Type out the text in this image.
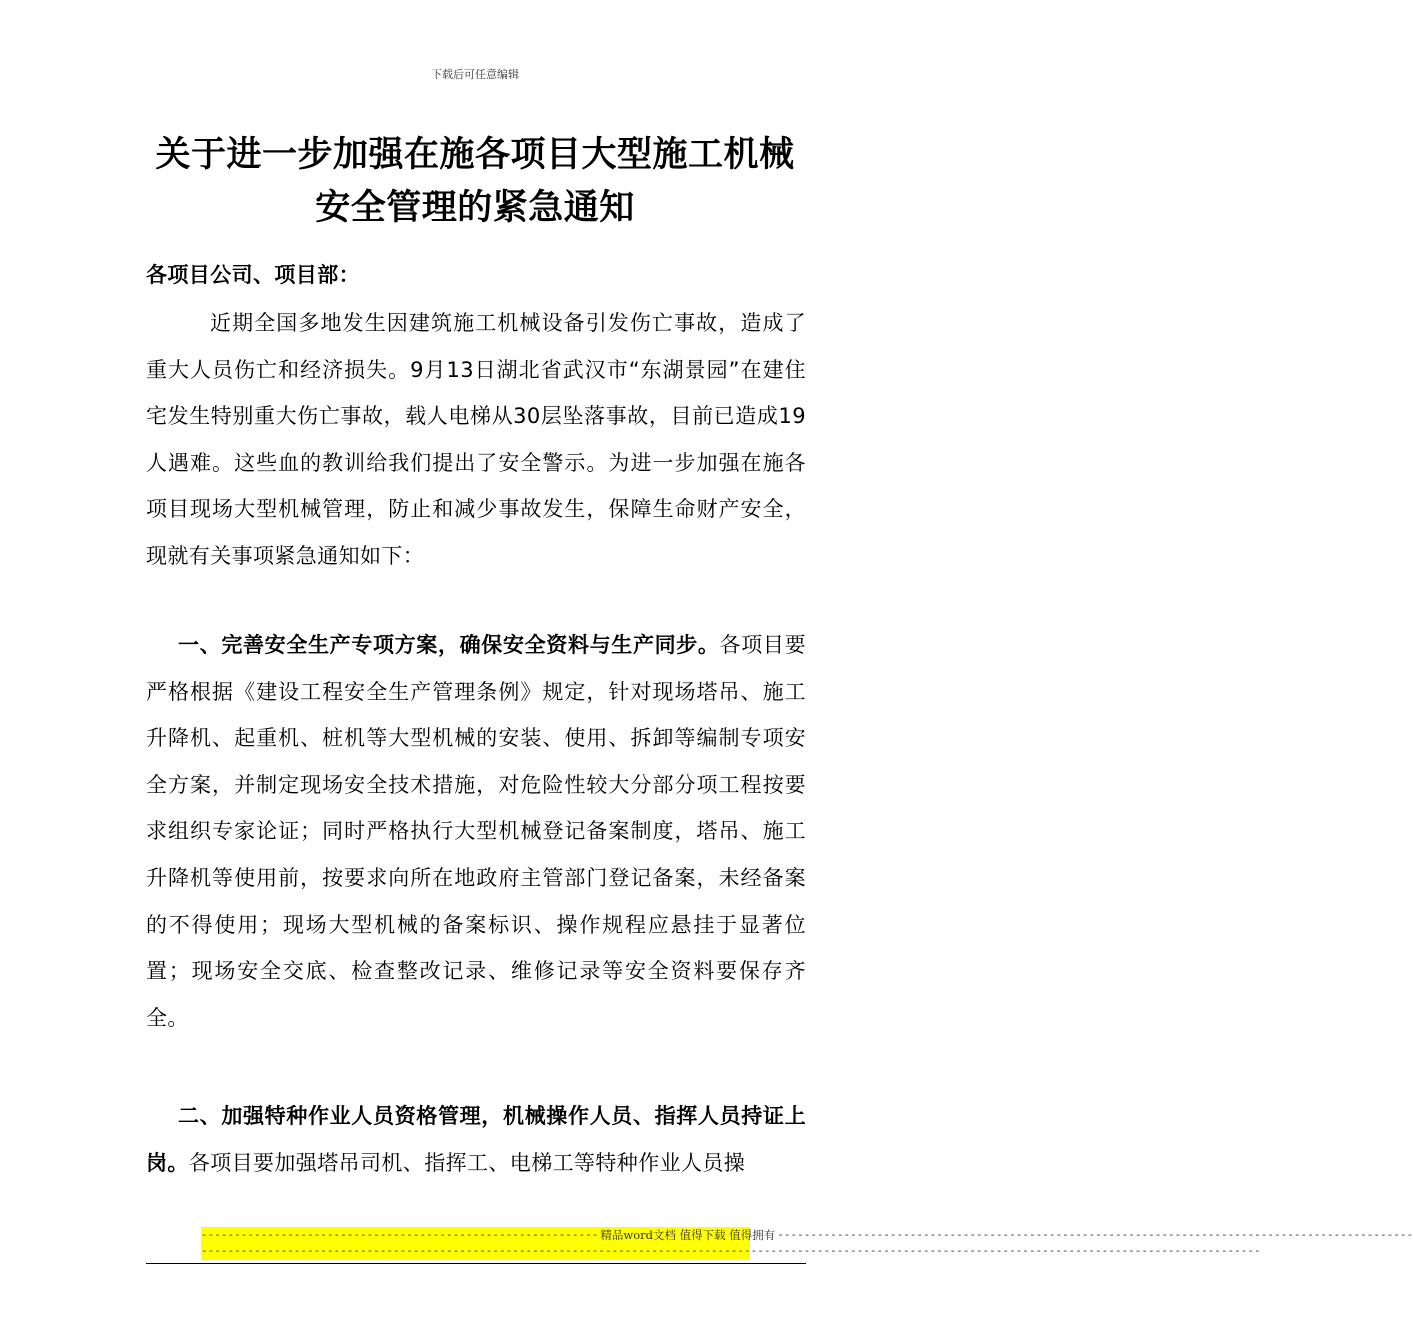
下载后可任意编辑
关于进一步加强在施各项目大型施工机械
安全管理的紧急通知
各项目公司、项目部：
近期全国多地发生因建筑施工机械设备引发伤亡事故，造成了重大人员伤亡和经济损失。9月13日湖北省武汉市“东湖景园”在建住宅发生特别重大伤亡事故，载人电梯从30层坠落事故，目前已造成19人遇难。这些血的教训给我们提出了安全警示。为进一步加强在施各项目现场大型机械管理，防止和减少事故发生，保障生命财产安全，现就有关事项紧急通知如下：
一、完善安全生产专项方案，确保安全资料与生产同步。各项目要严格根据《建设工程安全生产管理条例》规定，针对现场塔吊、施工升降机、起重机、桩机等大型机械的安装、使用、拆卸等编制专项安全方案，并制定现场安全技术措施，对危险性较大分部分项工程按要求组织专家论证；同时严格执行大型机械登记备案制度，塔吊、施工升降机等使用前，按要求向所在地政府主管部门登记备案，未经备案的不得使用；现场大型机械的备案标识、操作规程应悬挂于显著位置；现场安全交底、检查整改记录、维修记录等安全资料要保存齐全。
二、加强特种作业人员资格管理，机械操作人员、指挥人员持证上岗。各项目要加强塔吊司机、指挥工、电梯工等特种作业人员操
------------------------------------------------------------ 精品word文档 值得下载 值得拥有 ------------------------------------------------------------------------------------------------
----------------------------------------------------------------------------------------------------------------------------------------------------------------
